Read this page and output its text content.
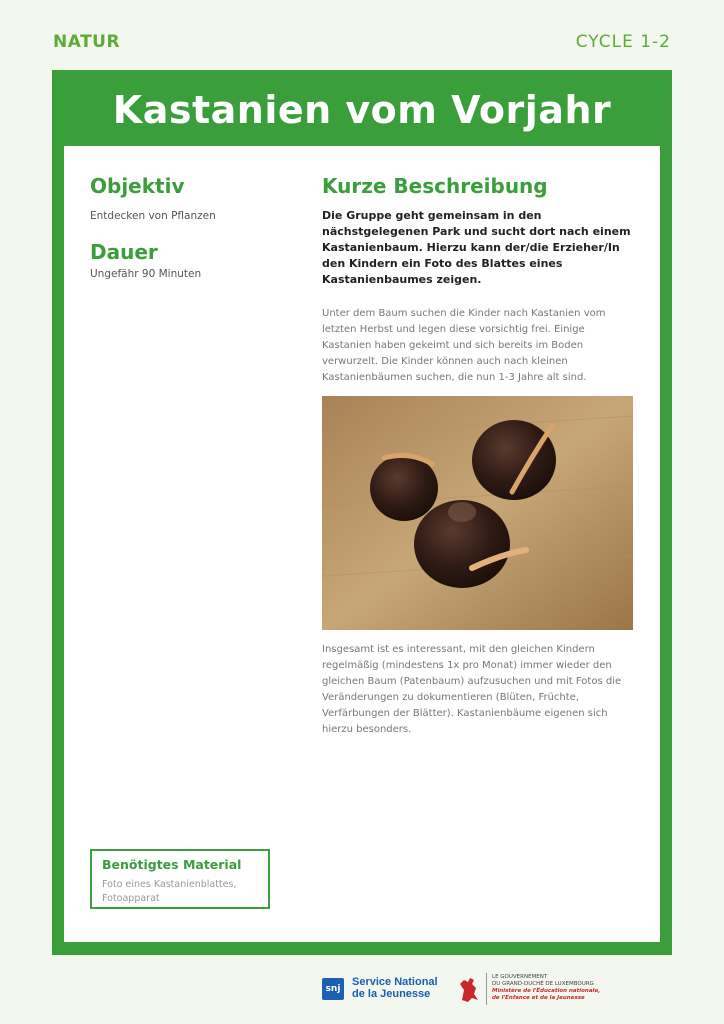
NATUR	CYCLE 1-2
Kastanien vom Vorjahr
Objektiv
Entdecken von Pflanzen
Dauer
Ungefähr 90 Minuten
Kurze Beschreibung
Die Gruppe geht gemeinsam in den nächstgelegenen Park und sucht dort nach einem Kastanienbaum. Hierzu kann der/die Erzieher/In den Kindern ein Foto des Blattes eines Kastanienbaumes zeigen.
Unter dem Baum suchen die Kinder nach Kastanien vom letzten Herbst und legen diese vorsichtig frei. Einige Kastanien haben gekeimt und sich bereits im Boden verwurzelt. Die Kinder können auch nach kleinen Kastanienbäumen suchen, die nun 1-3 Jahre alt sind.
Insgesamt ist es interessant, mit den gleichen Kindern regelmäßig (mindestens 1x pro Monat) immer wieder den gleichen Baum (Patenbaum) aufzusuchen und mit Fotos die Veränderungen zu dokumentieren (Blüten, Früchte, Verfärbungen der Blätter). Kastanienbäume eigenen sich hierzu besonders.
Benötigtes Material
Foto eines Kastanienblattes, Fotoapparat
snj
Service National
de la Jeunesse
LE GOUVERNEMENT
DU GRAND-DUCHÉ DE LUXEMBOURG
Ministère de l'Éducation nationale,
de l'Enfance et de la Jeunesse
